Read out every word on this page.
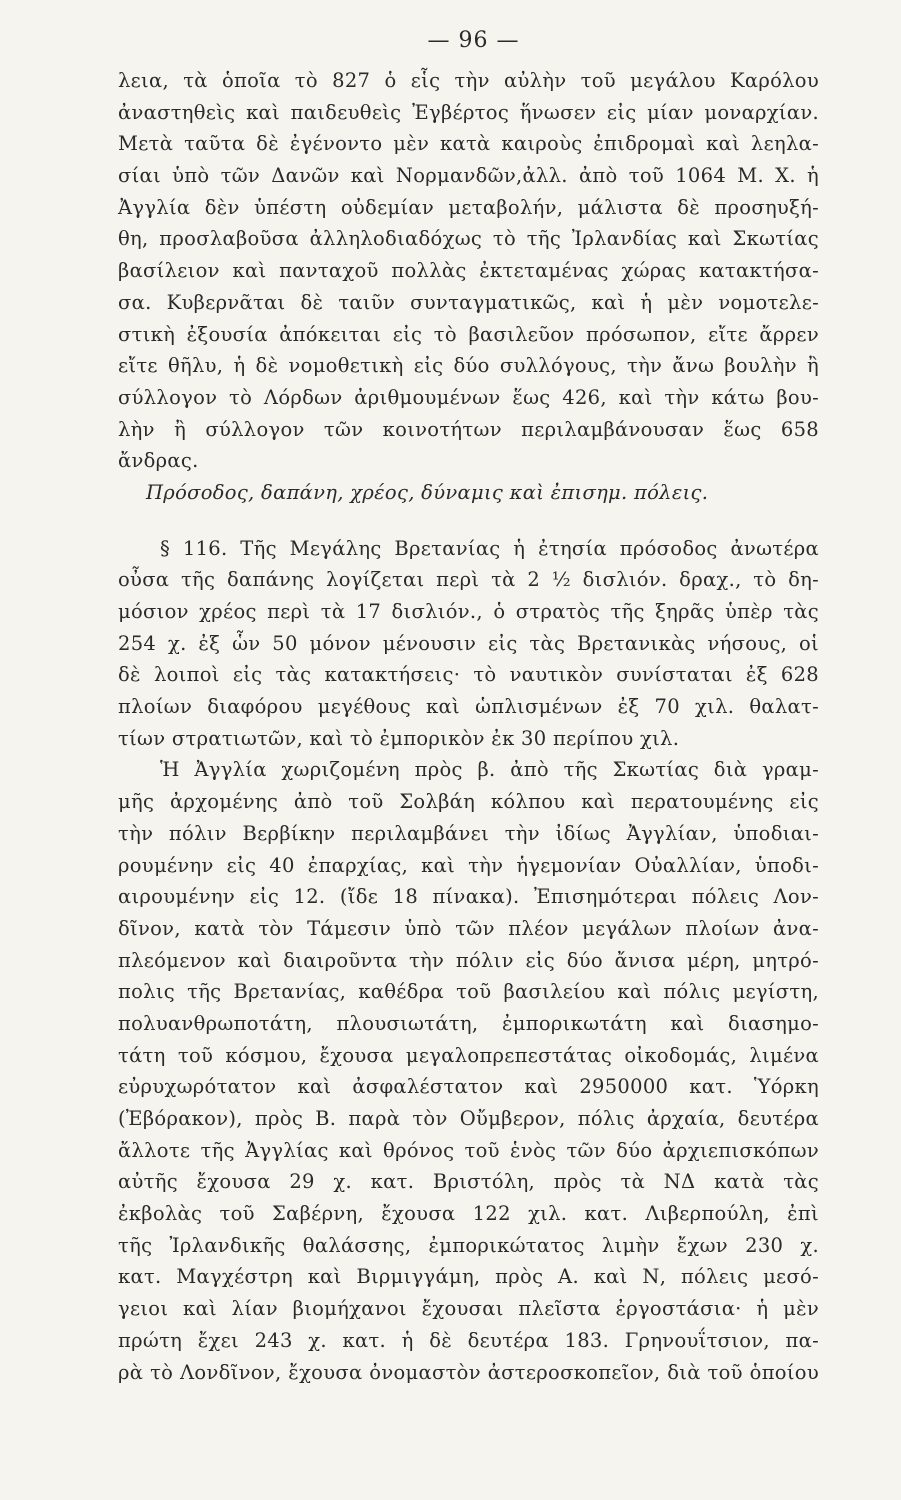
— 96 —
λεια, τὰ ὁποῖα τὸ 827 ὁ εἷς τὴν αὐλὴν τοῦ μεγάλου Καρόλου
ἀναστηθεὶς καὶ παιδευθεὶς Ἐγβέρτος ἥνωσεν εἰς μίαν μοναρχίαν.
Μετὰ ταῦτα δὲ ἐγένοντο μὲν κατὰ καιροὺς ἐπιδρομαὶ καὶ λεηλα-
σίαι ὑπὸ τῶν Δανῶν καὶ Νορμανδῶν,ἀλλ. ἀπὸ τοῦ 1064 Μ. Χ. ἡ
Ἀγγλία δὲν ὑπέστη οὐδεμίαν μεταβολήν, μάλιστα δὲ προσηυξή-
θη, προσλαβοῦσα ἀλληλοδιαδόχως τὸ τῆς Ἰρλανδίας καὶ Σκωτίας
βασίλειον καὶ πανταχοῦ πολλὰς ἐκτεταμένας χώρας κατακτήσα-
σα. Κυβερνᾶται δὲ ταιῦν συνταγματικῶς, καὶ ἡ μὲν νομοτελε-
στικὴ ἐξουσία ἀπόκειται εἰς τὸ βασιλεῦον πρόσωπον, εἴτε ἄρρεν
εἴτε θῆλυ, ἡ δὲ νομοθετικὴ εἰς δύο συλλόγους, τὴν ἄνω βουλὴν ἢ
σύλλογον τὸ Λόρδων ἀριθμουμένων ἕως 426, καὶ τὴν κάτω βου-
λὴν ἢ σύλλογον τῶν κοινοτήτων περιλαμβάνουσαν ἕως 658
ἄνδρας.
Πρόσοδος, δαπάνη, χρέος, δύναμις καὶ ἐπισημ. πόλεις.
§ 116. Τῆς Μεγάλης Βρετανίας ἡ ἐτησία πρόσοδος ἀνωτέρα
οὖσα τῆς δαπάνης λογίζεται περὶ τὰ 2 ½ δισλιόν. δραχ., τὸ δη-
μόσιον χρέος περὶ τὰ 17 δισλιόν., ὁ στρατὸς τῆς ξηρᾶς ὑπὲρ τὰς
254 χ. ἐξ ὧν 50 μόνον μένουσιν εἰς τὰς Βρετανικὰς νήσους, οἱ
δὲ λοιποὶ εἰς τὰς κατακτήσεις· τὸ ναυτικὸν συνίσταται ἐξ 628
πλοίων διαφόρου μεγέθους καὶ ὡπλισμένων ἐξ 70 χιλ. θαλατ-
τίων στρατιωτῶν, καὶ τὸ ἐμπορικὸν ἐκ 30 περίπου χιλ.
Ἡ Ἀγγλία χωριζομένη πρὸς β. ἀπὸ τῆς Σκωτίας διὰ γραμ-
μῆς ἀρχομένης ἀπὸ τοῦ Σολβάη κόλπου καὶ περατουμένης εἰς
τὴν πόλιν Βερβίκην περιλαμβάνει τὴν ἰδίως Ἀγγλίαν, ὑποδιαι-
ρουμένην εἰς 40 ἐπαρχίας, καὶ τὴν ἡγεμονίαν Οὐαλλίαν, ὑποδι-
αιρουμένην εἰς 12. (ἴδε 18 πίνακα). Ἐπισημότεραι πόλεις Λον-
δῖνον, κατὰ τὸν Τάμεσιν ὑπὸ τῶν πλέον μεγάλων πλοίων ἀνα-
πλεόμενον καὶ διαιροῦντα τὴν πόλιν εἰς δύο ἄνισα μέρη, μητρό-
πολις τῆς Βρετανίας, καθέδρα τοῦ βασιλείου καὶ πόλις μεγίστη,
πολυανθρωποτάτη, πλουσιωτάτη, ἐμπορικωτάτη καὶ διασημο-
τάτη τοῦ κόσμου, ἔχουσα μεγαλοπρεπεστάτας οἰκοδομάς, λιμένα
εὐρυχωρότατον καὶ ἀσφαλέστατον καὶ 2950000 κατ. Ὑόρκη
(Ἐβόρακον), πρὸς Β. παρὰ τὸν Οὔμβερον, πόλις ἀρχαία, δευτέρα
ἄλλοτε τῆς Ἀγγλίας καὶ θρόνος τοῦ ἑνὸς τῶν δύο ἀρχιεπισκόπων
αὐτῆς ἔχουσα 29 χ. κατ. Βριστόλη, πρὸς τὰ ΝΔ κατὰ τὰς
ἐκβολὰς τοῦ Σαβέρνη, ἔχουσα 122 χιλ. κατ. Λιβερπούλη, ἐπὶ
τῆς Ἰρλανδικῆς θαλάσσης, ἐμπορικώτατος λιμὴν ἔχων 230 χ.
κατ. Μαγχέστρη καὶ Βιρμιγγάμη, πρὸς Α. καὶ Ν, πόλεις μεσό-
γειοι καὶ λίαν βιομήχανοι ἔχουσαι πλεῖστα ἐργοστάσια· ἡ μὲν
πρώτη ἔχει 243 χ. κατ. ἡ δὲ δευτέρα 183. Γρηνουΐτσιον, πα-
ρὰ τὸ Λονδῖνον, ἔχουσα ὀνομαστὸν ἀστεροσκοπεῖον, διὰ τοῦ ὁποίου
